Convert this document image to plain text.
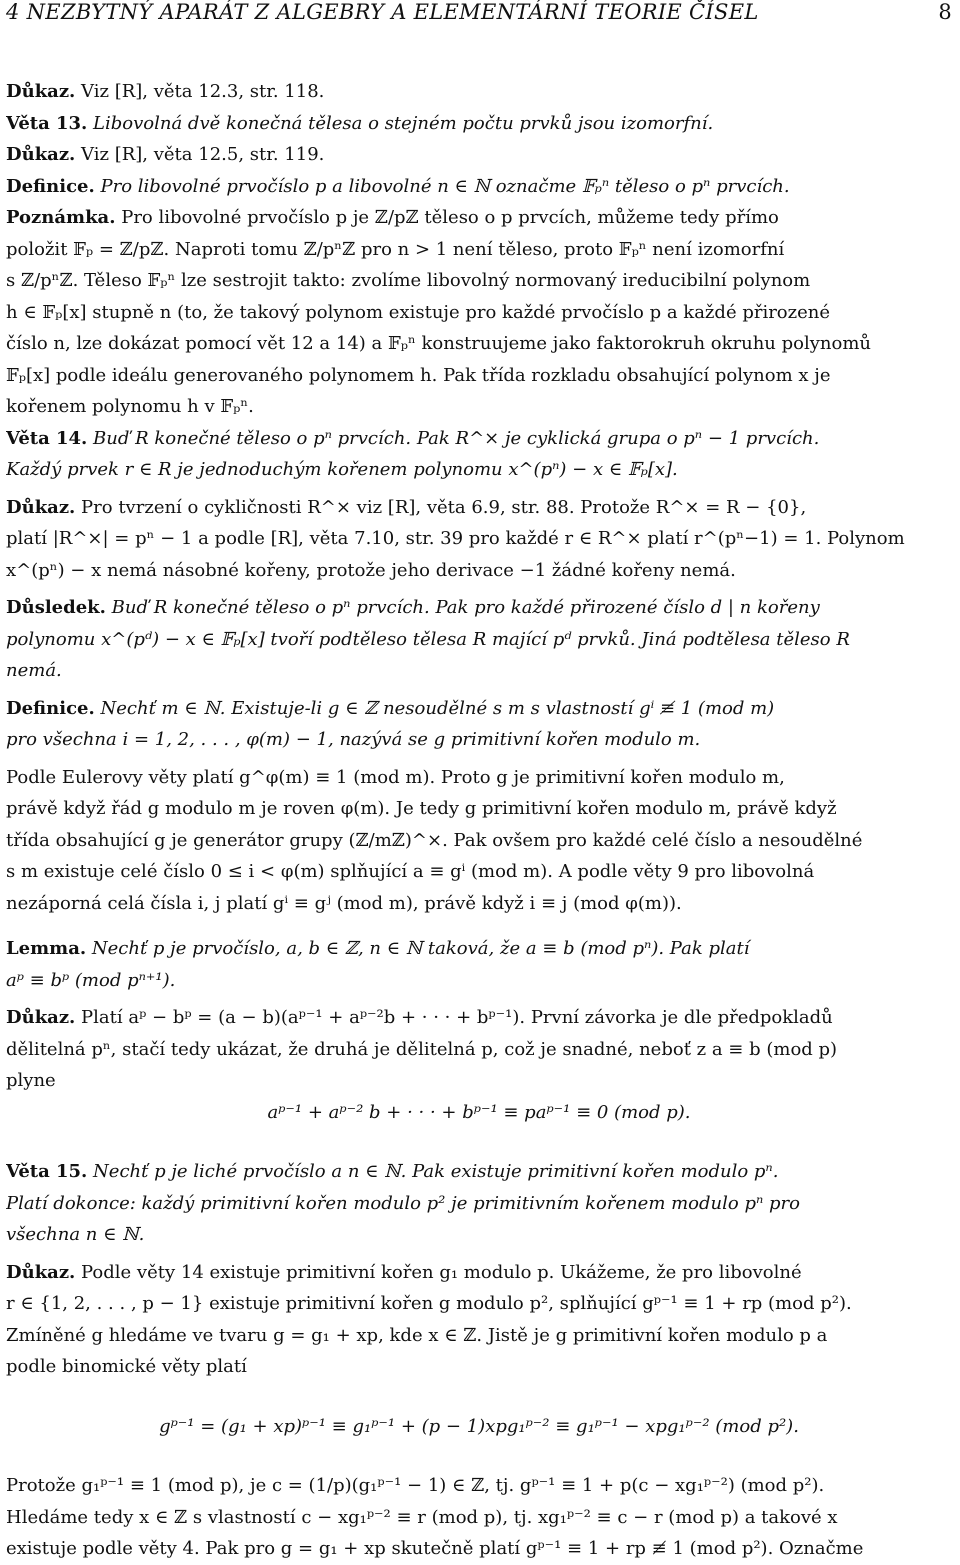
4 NEZBYTNÝ APARÁT Z ALGEBRY A ELEMENTÁRNÍ TEORIE ČÍSEL	8
Důkaz. Viz [R], věta 12.3, str. 118.
Věta 13. Libovolná dvě konečná tělesa o stejném počtu prvků jsou izomorfní.
Důkaz. Viz [R], věta 12.5, str. 119.
Definice. Pro libovolné prvočíslo p a libovolné n ∈ ℕ označme 𝔽ₚⁿ těleso o pⁿ prvcích.
Poznámka. Pro libovolné prvočíslo p je ℤ/pℤ těleso o p prvcích, můžeme tedy přímo
položit 𝔽ₚ = ℤ/pℤ. Naproti tomu ℤ/pⁿℤ pro n > 1 není těleso, proto 𝔽ₚⁿ není izomorfní
s ℤ/pⁿℤ. Těleso 𝔽ₚⁿ lze sestrojit takto: zvolíme libovolný normovaný ireducibilní polynom
h ∈ 𝔽ₚ[x] stupně n (to, že takový polynom existuje pro každé prvočíslo p a každé přirozené
číslo n, lze dokázat pomocí vět 12 a 14) a 𝔽ₚⁿ konstruujeme jako faktorokruh okruhu polynomů
𝔽ₚ[x] podle ideálu generovaného polynomem h. Pak třída rozkladu obsahující polynom x je
kořenem polynomu h v 𝔽ₚⁿ.
Věta 14. Buď R konečné těleso o pⁿ prvcích. Pak R^× je cyklická grupa o pⁿ − 1 prvcích.
Každý prvek r ∈ R je jednoduchým kořenem polynomu x^(pⁿ) − x ∈ 𝔽ₚ[x].
Důkaz. Pro tvrzení o cykličnosti R^× viz [R], věta 6.9, str. 88. Protože R^× = R − {0},
platí |R^×| = pⁿ − 1 a podle [R], věta 7.10, str. 39 pro každé r ∈ R^× platí r^(pⁿ−1) = 1. Polynom
x^(pⁿ) − x nemá násobné kořeny, protože jeho derivace −1 žádné kořeny nemá.
Důsledek. Buď R konečné těleso o pⁿ prvcích. Pak pro každé přirozené číslo d | n kořeny
polynomu x^(pᵈ) − x ∈ 𝔽ₚ[x] tvoří podtěleso tělesa R mající pᵈ prvků. Jiná podtělesa těleso R
nemá.
Definice. Nechť m ∈ ℕ. Existuje-li g ∈ ℤ nesoudělné s m s vlastností gⁱ ≢ 1 (mod m)
pro všechna i = 1, 2, . . . , φ(m) − 1, nazývá se g primitivní kořen modulo m.
Podle Eulerovy věty platí g^φ(m) ≡ 1 (mod m). Proto g je primitivní kořen modulo m,
právě když řád g modulo m je roven φ(m). Je tedy g primitivní kořen modulo m, právě když
třída obsahující g je generátor grupy (ℤ/mℤ)^×. Pak ovšem pro každé celé číslo a nesoudělné
s m existuje celé číslo 0 ≤ i < φ(m) splňující a ≡ gⁱ (mod m). A podle věty 9 pro libovolná
nezáporná celá čísla i, j platí gⁱ ≡ gʲ (mod m), právě když i ≡ j (mod φ(m)).
Lemma. Nechť p je prvočíslo, a, b ∈ ℤ, n ∈ ℕ taková, že a ≡ b (mod pⁿ). Pak platí
aᵖ ≡ bᵖ (mod pⁿ⁺¹).
Důkaz. Platí aᵖ − bᵖ = (a − b)(aᵖ⁻¹ + aᵖ⁻²b + · · · + bᵖ⁻¹). První závorka je dle předpokladů
dělitelná pⁿ, stačí tedy ukázat, že druhá je dělitelná p, což je snadné, neboť z a ≡ b (mod p)
plyne
aᵖ⁻¹ + aᵖ⁻² b + · · · + bᵖ⁻¹ ≡ paᵖ⁻¹ ≡ 0 (mod p).
Věta 15. Nechť p je liché prvočíslo a n ∈ ℕ. Pak existuje primitivní kořen modulo pⁿ.
Platí dokonce: každý primitivní kořen modulo p² je primitivním kořenem modulo pⁿ pro
všechna n ∈ ℕ.
Důkaz. Podle věty 14 existuje primitivní kořen g₁ modulo p. Ukážeme, že pro libovolné
r ∈ {1, 2, . . . , p − 1} existuje primitivní kořen g modulo p², splňující gᵖ⁻¹ ≡ 1 + rp (mod p²).
Zmíněné g hledáme ve tvaru g = g₁ + xp, kde x ∈ ℤ. Jistě je g primitivní kořen modulo p a
podle binomické věty platí
gᵖ⁻¹ = (g₁ + xp)ᵖ⁻¹ ≡ g₁ᵖ⁻¹ + (p − 1)xpg₁ᵖ⁻² ≡ g₁ᵖ⁻¹ − xpg₁ᵖ⁻² (mod p²).
Protože g₁ᵖ⁻¹ ≡ 1 (mod p), je c = (1/p)(g₁ᵖ⁻¹ − 1) ∈ ℤ, tj. gᵖ⁻¹ ≡ 1 + p(c − xg₁ᵖ⁻²) (mod p²).
Hledáme tedy x ∈ ℤ s vlastností c − xg₁ᵖ⁻² ≡ r (mod p), tj. xg₁ᵖ⁻² ≡ c − r (mod p) a takové x
existuje podle věty 4. Pak pro g = g₁ + xp skutečně platí gᵖ⁻¹ ≡ 1 + rp ≢ 1 (mod p²). Označme
